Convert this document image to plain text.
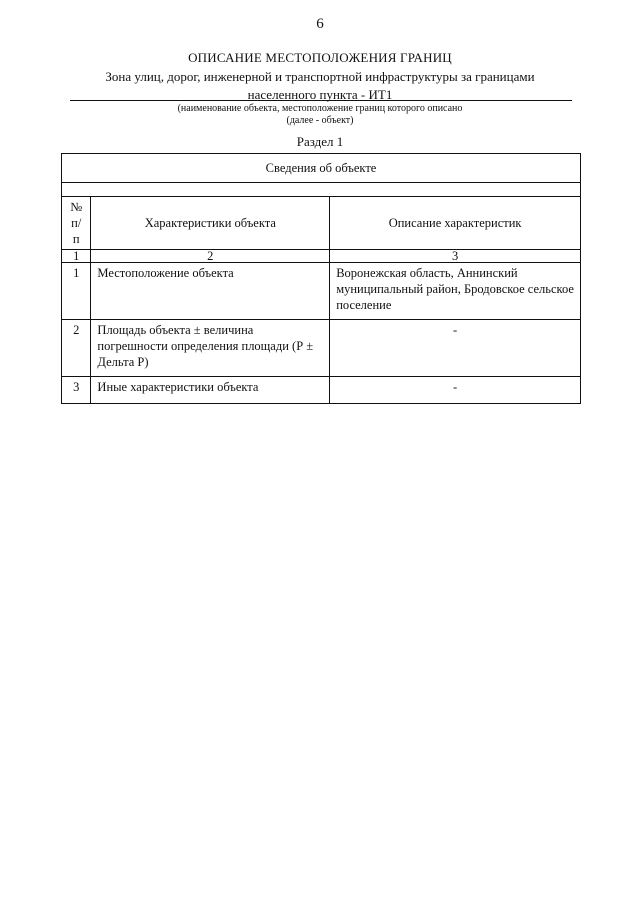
6
ОПИСАНИЕ МЕСТОПОЛОЖЕНИЯ ГРАНИЦ
Зона улиц, дорог, инженерной и транспортной инфраструктуры за границами населенного пункта - ИТ1
(наименование объекта, местоположение границ которого описано
(далее - объект)
Раздел 1
Сведения об объекте		

№ п/п	Характеристики объекта	Описание характеристик
1	2	3
1	Местоположение объекта	Воронежская область, Аннинский муниципальный район, Бродовское сельское поселение
2	Площадь объекта ± величина погрешности определения площади (Р ± Дельта Р)	-
3	Иные характеристики объекта	-
